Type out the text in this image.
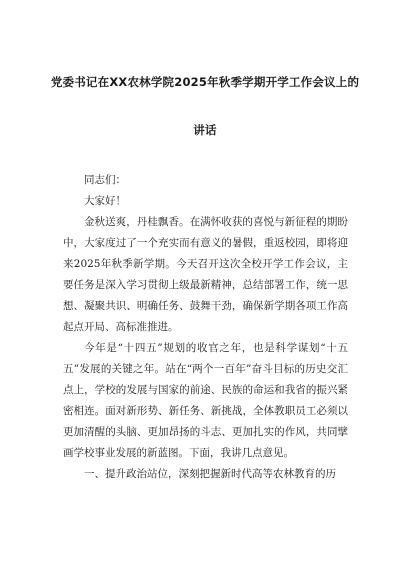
党委书记在XX农林学院2025年秋季学期开学工作会议上的
讲话

同志们：

大家好！

金秋送爽，丹桂飘香。在满怀收获的喜悦与新征程的期盼中，大家度过了一个充实而有意义的暑假，重返校园，即将迎来2025年秋季新学期。今天召开这次全校开学工作会议，主要任务是深入学习贯彻上级最新精神，总结部署工作，统一思想、凝聚共识、明确任务、鼓舞干劲，确保新学期各项工作高起点开局、高标准推进。

今年是“十四五”规划的收官之年，也是科学谋划“十五五”发展的关键之年。站在“两个一百年”奋斗目标的历史交汇点上，学校的发展与国家的前途、民族的命运和我省的振兴紧密相连。面对新形势、新任务、新挑战，全体教职员工必须以更加清醒的头脑、更加昂扬的斗志、更加扎实的作风，共同擘画学校事业发展的新蓝图。下面，我讲几点意见。

一、提升政治站位，深刻把握新时代高等农林教育的历
